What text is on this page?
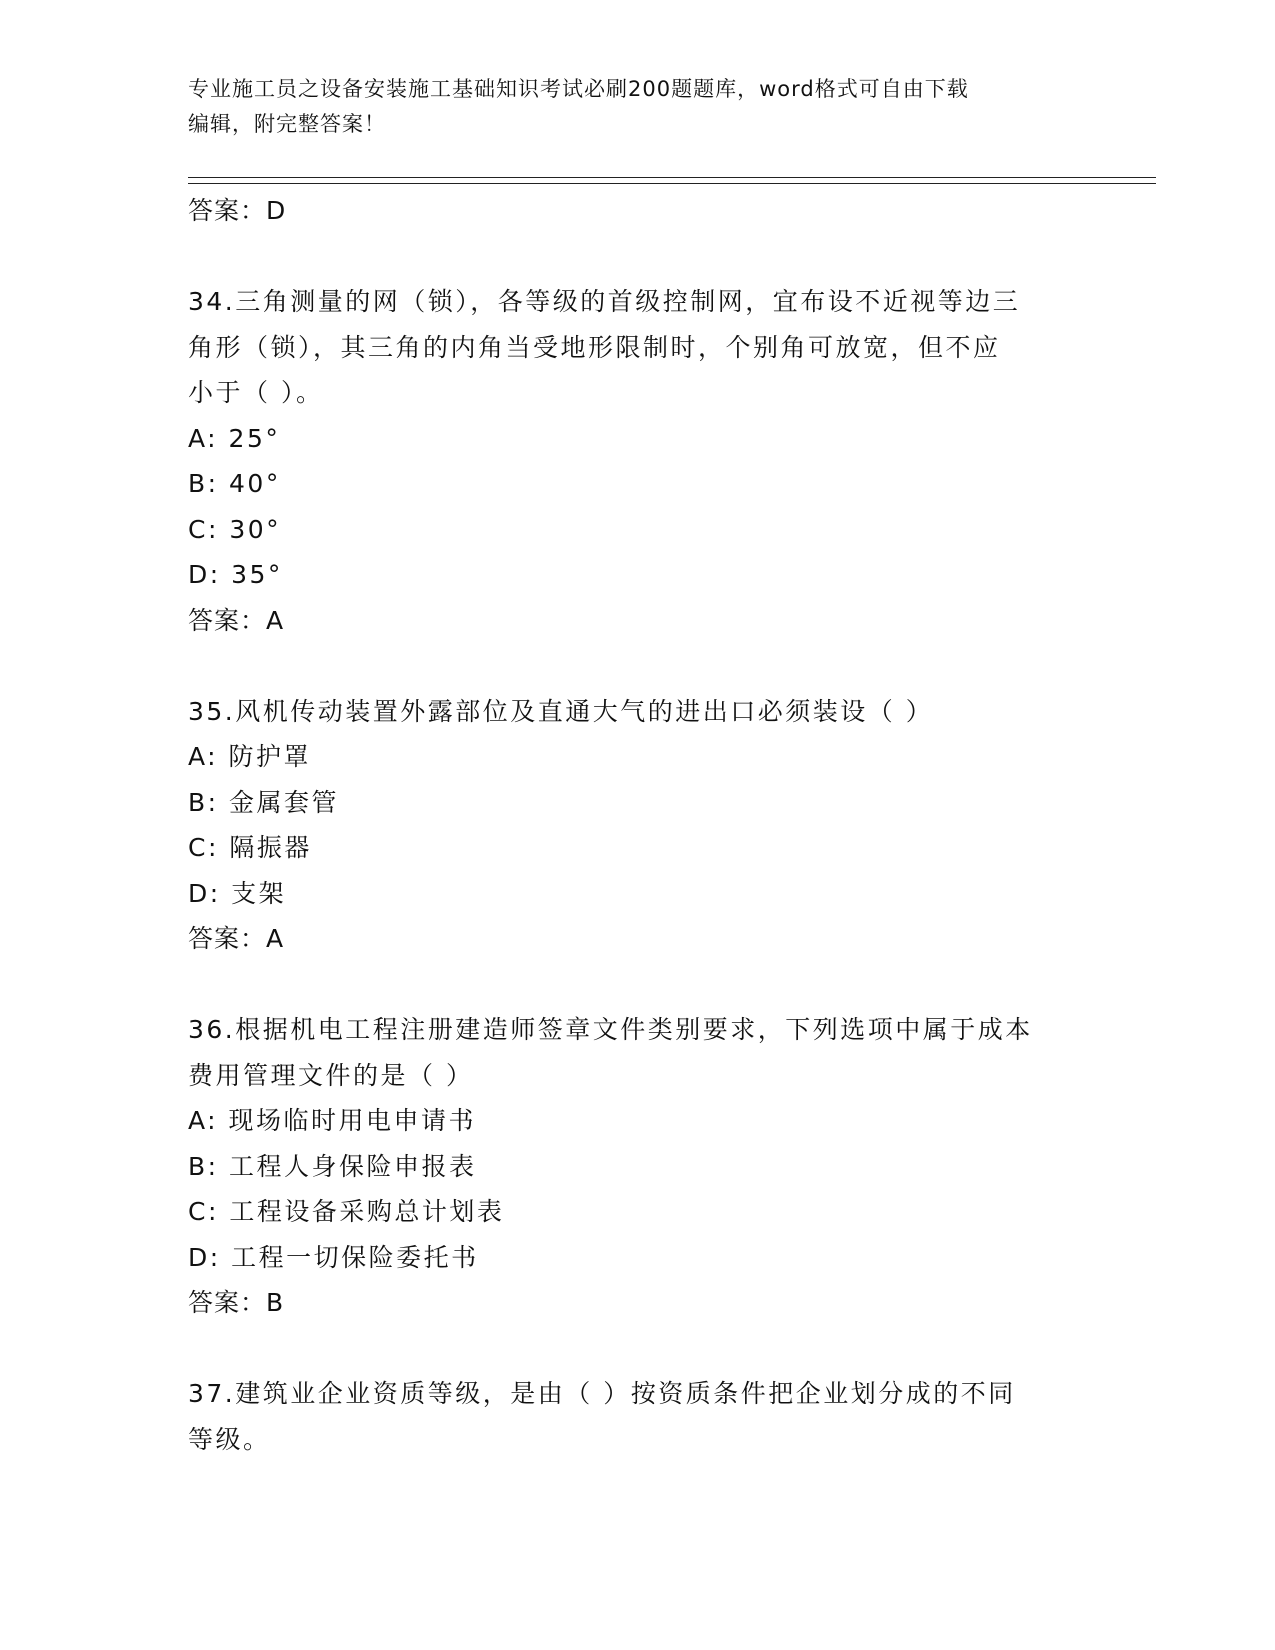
专业施工员之设备安装施工基础知识考试必刷200题题库，word格式可自由下载
编辑，附完整答案！
答案：D
34.三角测量的网（锁），各等级的首级控制网，宜布设不近视等边三
角形（锁），其三角的内角当受地形限制时，个别角可放宽，但不应
小于（ ）。
A: 25°
B: 40°
C: 30°
D: 35°
答案：A
35.风机传动装置外露部位及直通大气的进出口必须装设（ ）
A: 防护罩
B: 金属套管
C: 隔振器
D: 支架
答案：A
36.根据机电工程注册建造师签章文件类别要求，下列选项中属于成本
费用管理文件的是（ ）
A: 现场临时用电申请书
B: 工程人身保险申报表
C: 工程设备采购总计划表
D: 工程一切保险委托书
答案：B
37.建筑业企业资质等级，是由（ ）按资质条件把企业划分成的不同
等级。
